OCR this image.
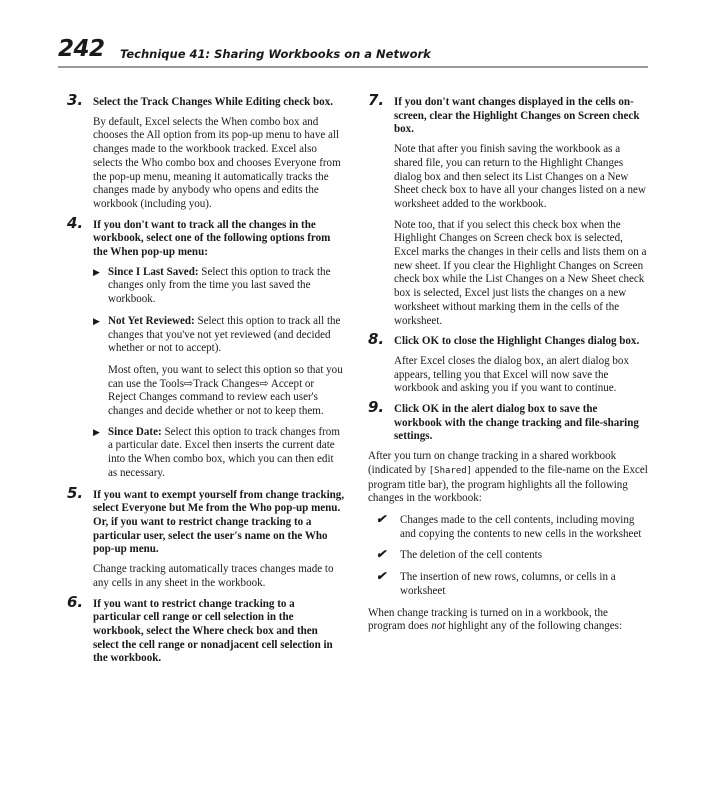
242 Technique 41: Sharing Workbooks on a Network
3. Select the Track Changes While Editing check box.

By default, Excel selects the When combo box and chooses the All option from its pop-up menu to have all changes made to the workbook tracked. Excel also selects the Who combo box and chooses Everyone from the pop-up menu, meaning it automatically tracks the changes made by anybody who opens and edits the workbook (including you).

4. If you don't want to track all the changes in the workbook, select one of the following options from the When pop-up menu:

▶ Since I Last Saved: Select this option to track the changes only from the time you last saved the workbook.
▶ Not Yet Reviewed: Select this option to track all the changes that you've not yet reviewed (and decided whether or not to accept).

Most often, you want to select this option so that you can use the Tools⇨Track Changes⇨ Accept or Reject Changes command to review each user's changes and decide whether or not to keep them.

▶ Since Date: Select this option to track changes from a particular date. Excel then inserts the current date into the When combo box, which you can then edit as necessary.
5. If you want to exempt yourself from change tracking, select Everyone but Me from the Who pop-up menu. Or, if you want to restrict change tracking to a particular user, select the user's name on the Who pop-up menu.

Change tracking automatically traces changes made to any cells in any sheet in the workbook.

6. If you want to restrict change tracking to a particular cell range or cell selection in the workbook, select the Where check box and then select the cell range or nonadjacent cell selection in the workbook.

7. If you don't want changes displayed in the cells on-screen, clear the Highlight Changes on Screen check box.

Note that after you finish saving the workbook as a shared file, you can return to the Highlight Changes dialog box and then select its List Changes on a New Sheet check box to have all your changes listed on a new worksheet added to the workbook.

Note too, that if you select this check box when the Highlight Changes on Screen check box is selected, Excel marks the changes in their cells and lists them on a new sheet. If you clear the Highlight Changes on Screen check box while the List Changes on a New Sheet check box is selected, Excel just lists the changes on a new worksheet without marking them in the cells of the worksheet.

8. Click OK to close the Highlight Changes dialog box.

After Excel closes the dialog box, an alert dialog box appears, telling you that Excel will now save the workbook and asking you if you want to continue.

9. Click OK in the alert dialog box to save the workbook with the change tracking and file-sharing settings.

After you turn on change tracking in a shared workbook (indicated by [Shared] appended to the file-name on the Excel program title bar), the program highlights all the following changes in the workbook:

✔ Changes made to the cell contents, including moving and copying the contents to new cells in the worksheet
✔ The deletion of the cell contents
✔ The insertion of new rows, columns, or cells in a worksheet

When change tracking is turned on in a workbook, the program does not highlight any of the following changes:
